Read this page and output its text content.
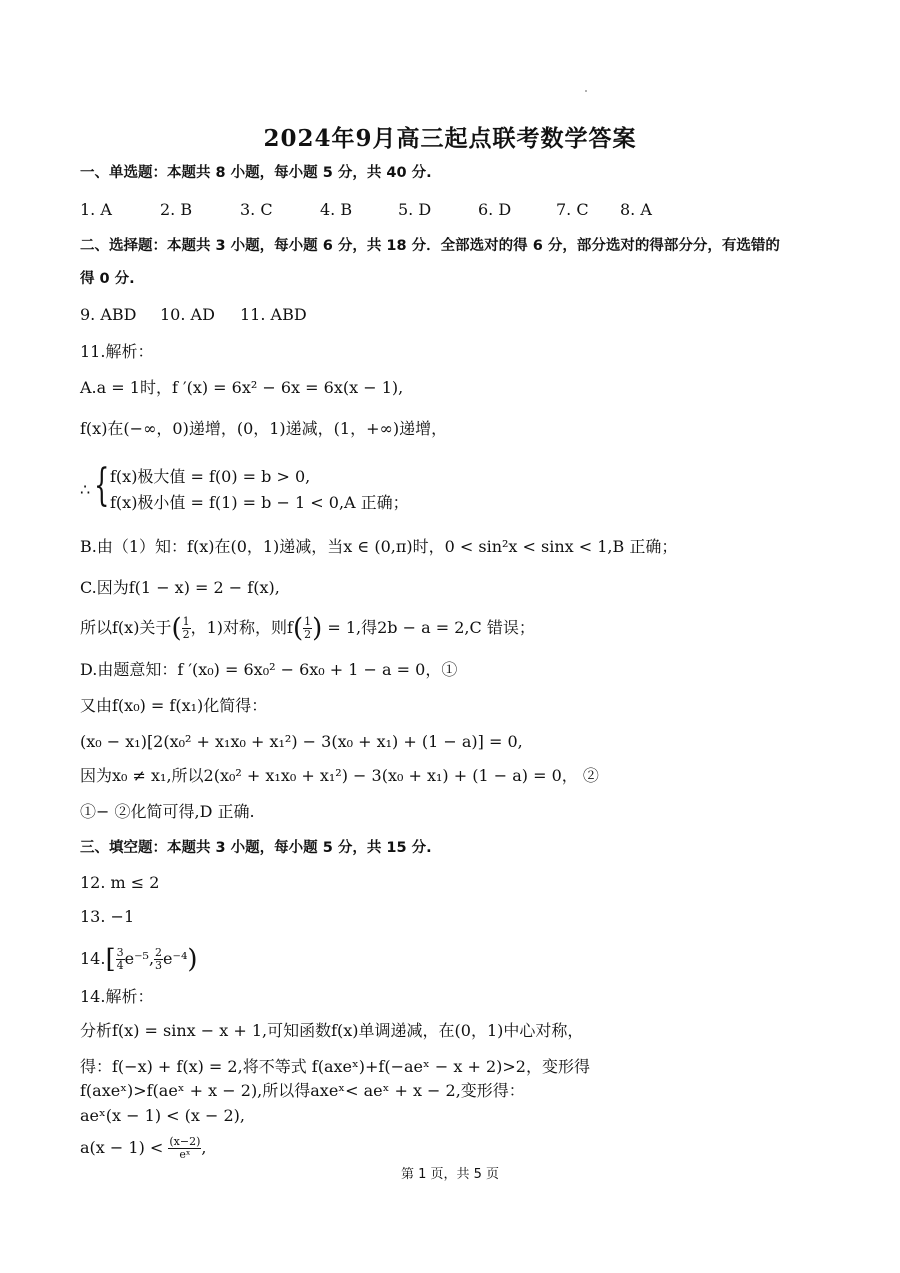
2024年9月高三起点联考数学答案
一、单选题：本题共 8 小题，每小题 5 分，共 40 分.
1. A	2. B	3. C	4. B	5. D	6. D	7. C 8. A
二、选择题：本题共 3 小题，每小题 6 分，共 18 分．全部选对的得 6 分，部分选对的得部分分，有选错的
得 0 分.
9. ABD 10. AD 11. ABD
11.解析：
A.a = 1时，f ′(x) = 6x² − 6x = 6x(x − 1),
f(x)在(−∞，0)递增，(0，1)递减，(1，+∞)递增，
∴ { f(x)极大值 = f(0) = b > 0,
f(x)极小值 = f(1) = b − 1 < 0,A 正确；
B.由（1）知：f(x)在(0，1)递减，当x ∈ (0,π)时，0 < sin²x < sinx < 1,B 正确；
C.因为f(1 − x) = 2 − f(x),
所以f(x)关于( $\frac{1}{2}$ ，1)对称，则$f( \frac{1}{2}$ ) = 1,得2b − a = 2,C 错误；
D.由题意知：f ′(x₀) = 6x₀² − 6x₀ + 1 − a = 0，①
又由f(x₀) = f(x₁)化简得：
(x₀ − x₁)[2(x₀² + x₁x₀ + x₁²) − 3(x₀ + x₁) + (1 − a)] = 0,
因为x₀ ≠ x₁,所以2(x₀² + x₁x₀ + x₁²) − 3(x₀ + x₁) + (1 − a) = 0， ②
①− ②化简可得,D 正确.
三、填空题：本题共 3 小题，每小题 5 分，共 15 分.
12. m ≤ 2
13. −1
$14.[ \frac{3}{4} e^{-5}$, $\frac{2}{3} e^{-4}$)
14.解析：
分析f(x) = sinx − x + 1,可知函数f(x)单调递减，在(0，1)中心对称，
得：f(−x) + f(x) = 2,将不等式 f(axeˣ)+f(−aeˣ − x + 2)>2，变形得
f(axeˣ)>f(aeˣ + x − 2),所以得axeˣ< aeˣ + x − 2,变形得：
aeˣ(x − 1) < (x − 2),
$a(x - 1) < \frac{(x-2)}{\text{eˣ}}$ ,
第 1 页，共 5 页
